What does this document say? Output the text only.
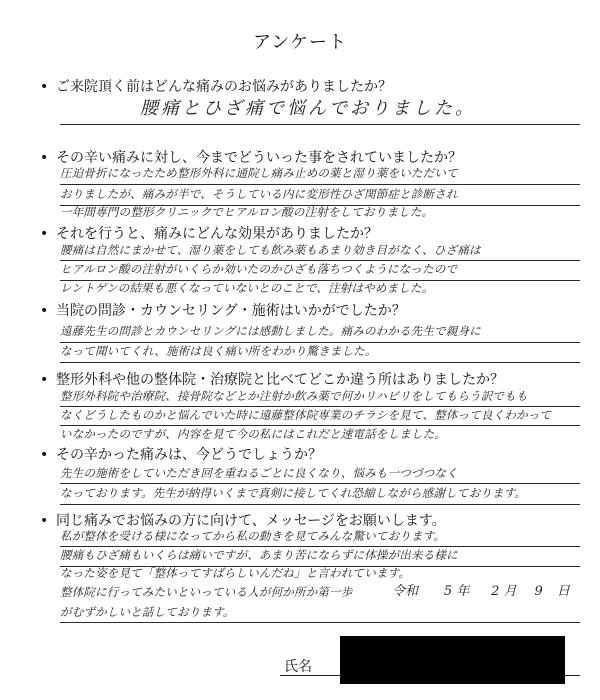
アンケート
• ご来院頂く前はどんな痛みのお悩みがありましたか？
腰痛とひざ痛で悩んでおりました。
• その辛い痛みに対し、今までどういった事をされていましたか？
圧迫骨折になったため整形外科に通院し痛み止めの薬と湿り薬をいただいて
おりましたが、痛みが半で、そうしている内に変形性ひざ関節症と診断され
一年間専門の整形クリニックでヒアルロン酸の注射をしておりました。
• それを行うと、痛みにどんな効果がありましたか？
腰痛は自然にまかせて、湿り薬をしても飲み薬もあまり効き目がなく、ひざ痛は
ヒアルロン酸の注射がいくらか効いたのかひざも落ちつくようになったので
レントゲンの結果も悪くなっていないとのことで、注射はやめました。
• 当院の問診・カウンセリング・施術はいかがでしたか？
遠藤先生の問診とカウンセリングには感動しました。痛みのわかる先生で親身に
なって聞いてくれ、施術は良く痛い所をわかり驚きました。
• 整形外科や他の整体院・治療院と比べてどこか違う所はありましたか？
整形外科院や治療院、接骨院などとか注射か飲み薬で何かリハビリをしてもらう訳でもも
なくどうしたものかと悩んでいた時に遠藤整体院専業のチラシを見て、整体って良くわかって
いなかったのですが、内容を見て今の私にはこれだと速電話をしました。
• その辛かった痛みは、今どうでしょうか？
先生の施術をしていただき回を重ねるごとに良くなり、悩みも一つづつなく
なっております。先生が納得いくまで真剣に接してくれ恐縮しながら感謝しております。
• 同じ痛みでお悩みの方に向けて、メッセージをお願いします。
私が整体を受ける様になってから私の動きを見てみんな驚いております。
腰痛もひざ痛もいくらは痛いですが、あまり苦にならずに体操が出来る様に
なった姿を見て「整体ってすばらしいんだね」と言われています。
整体院に行ってみたいといっている人が何か所か第一歩
がむずかしいと話しております。
令和 5 年 2 月 9 日
氏名
